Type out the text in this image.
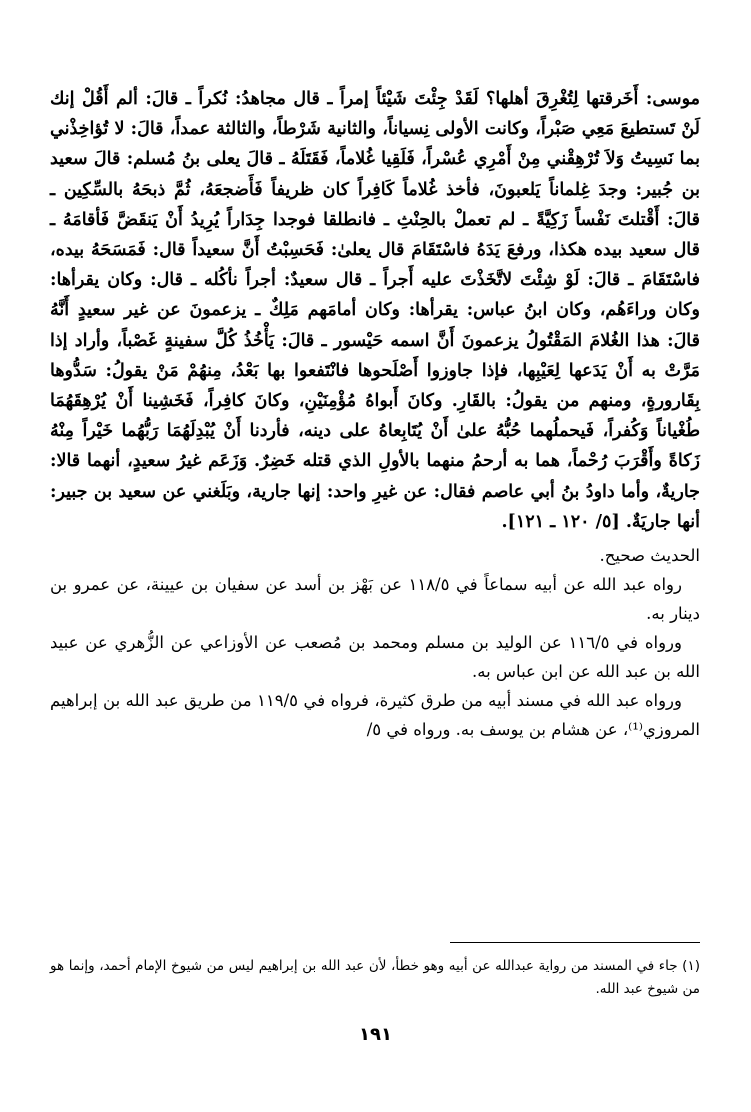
موسى: أَخَرقتها لِتُغْرِقَ أهلها؟ لَقَدْ جِئْتَ شَيْئاً إمراً ـ قال مجاهدُ: نُكراً ـ قالَ: ألم أَقُلْ إنك لَنْ تَستطيعَ مَعِي صَبْراً، وكانت الأولى نِسياناً، والثانية شَرْطاً، والثالثة عمداً، قالَ: لا تُؤاخِذْني بما نَسِيتُ وَلاَ تُرْهِقْني مِنْ أَمْرِي عُسْراً، فَلَقِيا غُلاماً، فَقَتَلَهُ ـ قالَ يعلى بنُ مُسلم: قالَ سعيد بن جُبير: وجدَ غِلماناً يَلعبونَ، فأخذ غُلاماً كَافِراً كان ظريفاً فَأَضجعَهُ، ثُمَّ ذبحَهُ بالسِّكِين ـ قالَ: أَقْتلتَ نَفْساً زَكِيَّةً ـ لم تعملْ بالحِنْثِ ـ فانطلقا فوجدا جِدَاراً يُرِيدُ أَنْ يَنقَضَّ فَأقامَهُ ـ قال سعيد بيده هكذا، ورفعَ يَدَهُ فاسْتَقَامَ قال يعلىٰ: فَحَسِبْتُ أَنَّ سعيداً قال: فَمَسَحَهُ بيده، فاسْتَقَامَ ـ قالَ: لَوْ شِئْتَ لاتَّخَذْتَ عليه أَجراً ـ قال سعيدٌ: أجراً نأكُله ـ قال: وكان يقرأها: وكان وراءَهُم، وكان ابنُ عباس: يقرأها: وكان أمامَهم مَلِكٌ ـ يزعمونَ عن غير سعيدٍ أَنَّهُ قالَ: هذا الغُلامَ المَقْتُولُ يزعمونَ أَنَّ اسمه حَيْسور ـ قالَ: يَأْخُذُ كُلَّ سفينةٍ غَصْباً، وأراد إذا مَرَّتْ به أَنْ يَدَعها لِعَيْبِها، فإذا جاوزوا أَصْلَحوها فانْتَفعوا بها بَعْدُ، مِنهُمْ مَنْ يقولُ: سَدُّوها بِقَارورةٍ، ومنهم من يقولُ: بالقَارِ. وكانَ أَبواهُ مُؤْمِنَيْنِ، وكانَ كافِراً، فَخَشِينا أَنْ يُرْهِقَهُمَا طُغْياناً وَكُفراً، فَيحملُهما حُبُّهُ علىٰ أَنْ يُتَابِعاهُ على دينه، فأردنا أَنْ يُبْدِلَهُمَا رَبُّهُما خَيْراً مِنْهُ زَكاةً وأَقْرَبَ رُحْماً، هما به أرحمُ منهما بالأولِ الذي قتله خَضِرٌ. وَزَعَم غيرُ سعيدٍ، أنهما قالا: جاريةٌ، وأما داودُ بنُ أبي عاصم فقال: عن غيرِ واحد: إنها جارية، وبَلَغني عن سعيد بن جبير: أنها جاريَةٌ. [٥/ ١٢٠ ـ ١٢١].

الحديث صحيح.

رواه عبد الله عن أبيه سماعاً في ١١٨/٥ عن بَهْز بن أسد عن سفيان بن عيينة، عن عمرو بن دينار به.

ورواه في ١١٦/٥ عن الوليد بن مسلم ومحمد بن مُصعب عن الأوزاعي عن الزُّهري عن عبيد الله بن عبد الله عن ابن عباس به.

ورواه عبد الله في مسند أبيه من طرق كثيرة، فرواه في ١١٩/٥ من طريق عبد الله بن إبراهيم المروزي⁽¹⁾، عن هشام بن يوسف به. ورواه في ٥/

(١) جاء في المسند من رواية عبدالله عن أبيه وهو خطأ، لأن عبد الله بن إبراهيم ليس من شيوخ الإمام أحمد، وإنما هو من شيوخ عبد الله.
١٩١
